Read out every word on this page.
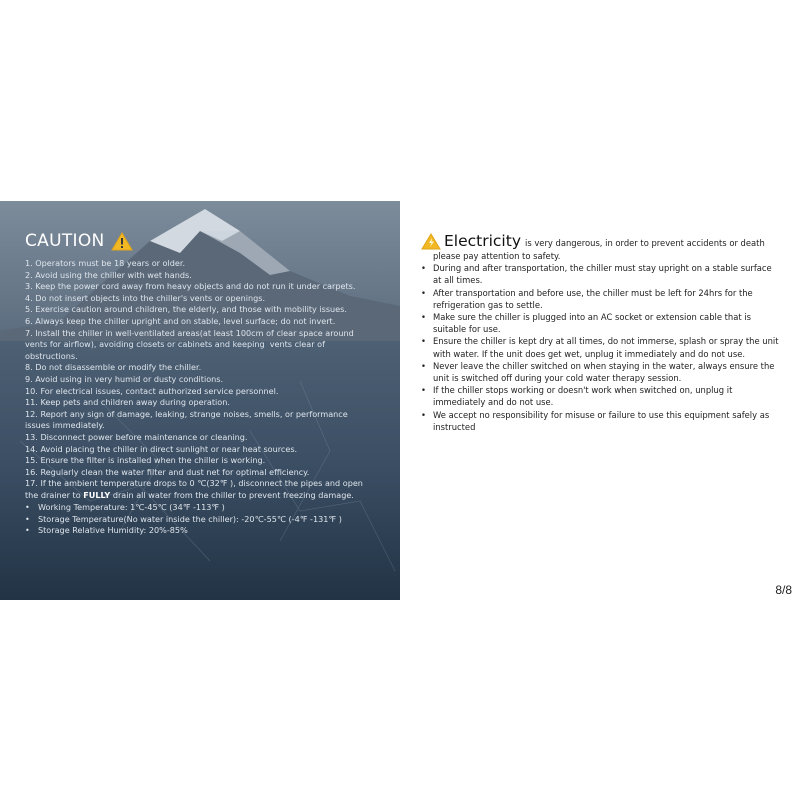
CAUTION
1. Operators must be 18 years or older.
2. Avoid using the chiller with wet hands.
3. Keep the power cord away from heavy objects and do not run it under carpets.
4. Do not insert objects into the chiller's vents or openings.
5. Exercise caution around children, the elderly, and those with mobility issues.
6. Always keep the chiller upright and on stable, level surface; do not invert.
7. Install the chiller in well-ventilated areas(at least 100cm of clear space around vents for airflow), avoiding closets or cabinets and keeping  vents clear of obstructions.
8. Do not disassemble or modify the chiller.
9. Avoid using in very humid or dusty conditions.
10. For electrical issues, contact authorized service personnel.
11. Keep pets and children away during operation.
12. Report any sign of damage, leaking, strange noises, smells, or performance issues immediately.
13. Disconnect power before maintenance or cleaning.
14. Avoid placing the chiller in direct sunlight or near heat sources.
15. Ensure the filter is installed when the chiller is working.
16. Regularly clean the water filter and dust net for optimal efficiency.
17. If the ambient temperature drops to 0 ℃(32℉ ), disconnect the pipes and open the drainer to FULLY drain all water from the chiller to prevent freezing damage.
•	Working Temperature: 1℃-45℃ (34℉ -113℉ )
•	Storage Temperature(No water inside the chiller): -20℃-55℃ (-4℉ -131℉ )
•	Storage Relative Humidity: 20%-85%
Electricity is very dangerous, in order to prevent accidents or death
please pay attention to safety.
• During and after transportation, the chiller must stay upright on a stable surface at all times.
• After transportation and before use, the chiller must be left for 24hrs for the refrigeration gas to settle.
• Make sure the chiller is plugged into an AC socket or extension cable that is suitable for use.
• Ensure the chiller is kept dry at all times, do not immerse, splash or spray the unit with water. If the unit does get wet, unplug it immediately and do not use.
• Never leave the chiller switched on when staying in the water, always ensure the unit is switched off during your cold water therapy session.
• If the chiller stops working or doesn't work when switched on, unplug it immediately and do not use.
• We accept no responsibility for misuse or failure to use this equipment safely as instructed
8/8
